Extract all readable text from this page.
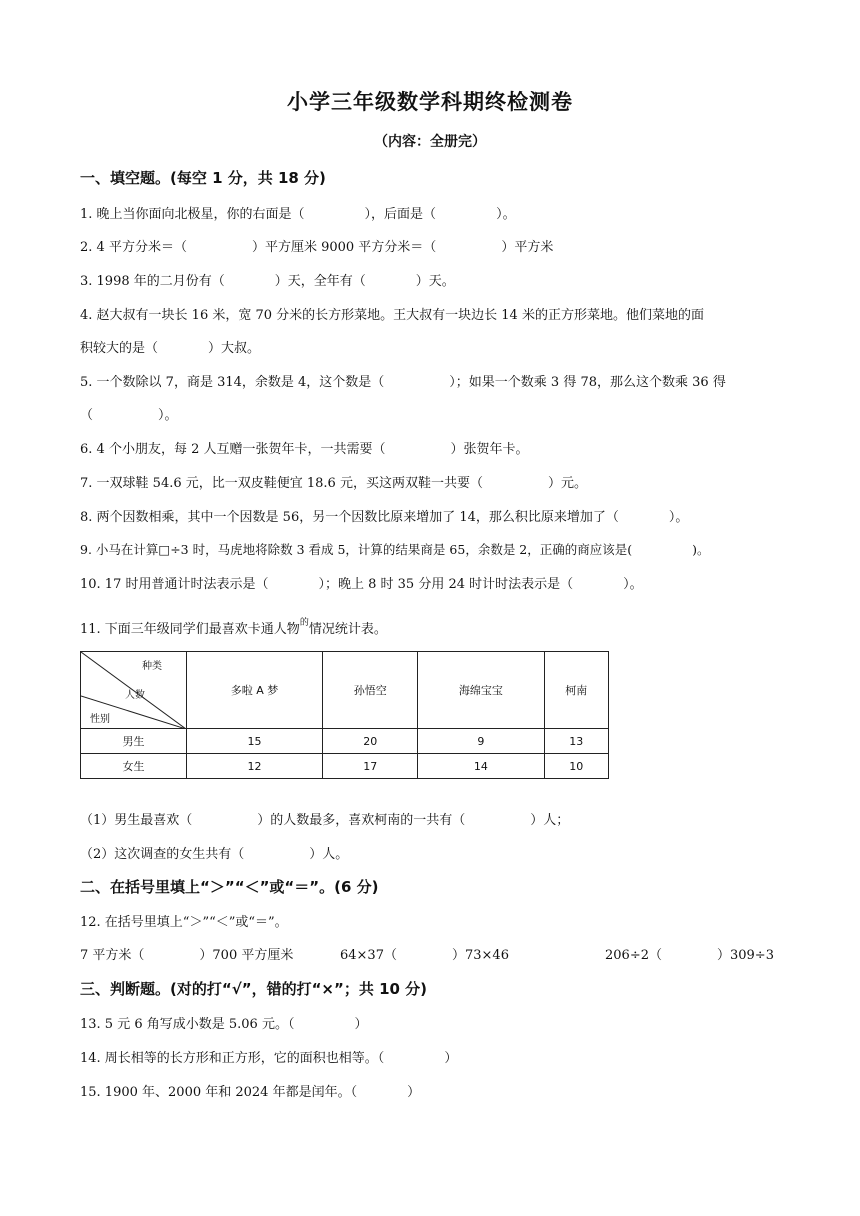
小学三年级数学科期终检测卷
（内容：全册完）
一、填空题。(每空 1 分，共 18 分)
1. 晚上当你面向北极星，你的右面是（	），后面是（	）。
2. 4 平方分米＝（	）平方厘米 9000 平方分米＝（	）平方米
3. 1998 年的二月份有（	）天，全年有（	）天。
4. 赵大叔有一块长 16 米，宽 70 分米的长方形菜地。王大叔有一块边长 14 米的正方形菜地。他们菜地的面
积较大的是（	）大叔。
5. 一个数除以 7，商是 314，余数是 4，这个数是（	）；如果一个数乘 3 得 78，那么这个数乘 36 得
（	）。
6. 4 个小朋友，每 2 人互赠一张贺年卡，一共需要（	）张贺年卡。
7. 一双球鞋 54.6 元，比一双皮鞋便宜 18.6 元，买这两双鞋一共要（	）元。
8. 两个因数相乘，其中一个因数是 56，另一个因数比原来增加了 14，那么积比原来增加了（	）。
9. 小马在计算□÷3 时，马虎地将除数 3 看成 5，计算的结果商是 65，余数是 2，正确的商应该是(	)。
10. 17 时用普通计时法表示是（	）；晚上 8 时 35 分用 24 时计时法表示是（	）。
11. 下面三年级同学们最喜欢卡通人物$^的$情况统计表。
种类
人数
性别	多啦 A 梦	孙悟空	海绵宝宝	柯南
男生	15	20	9	13
女生	12	17	14	10
（1）男生最喜欢（	）的人数最多，喜欢柯南的一共有（	）人；
（2）这次调查的女生共有（	）人。
二、在括号里填上“＞”“＜”或“＝”。(6 分)
12. 在括号里填上“＞”“＜”或“＝”。
7 平方米（	）700 平方厘米	64×37（	）73×46	206÷2（	）309÷3
三、判断题。(对的打“√”，错的打“×”；共 10 分)
13. 5 元 6 角写成小数是 5.06 元。（	）
14. 周长相等的长方形和正方形，它的面积也相等。（	）
15. 1900 年、2000 年和 2024 年都是闰年。（	）
